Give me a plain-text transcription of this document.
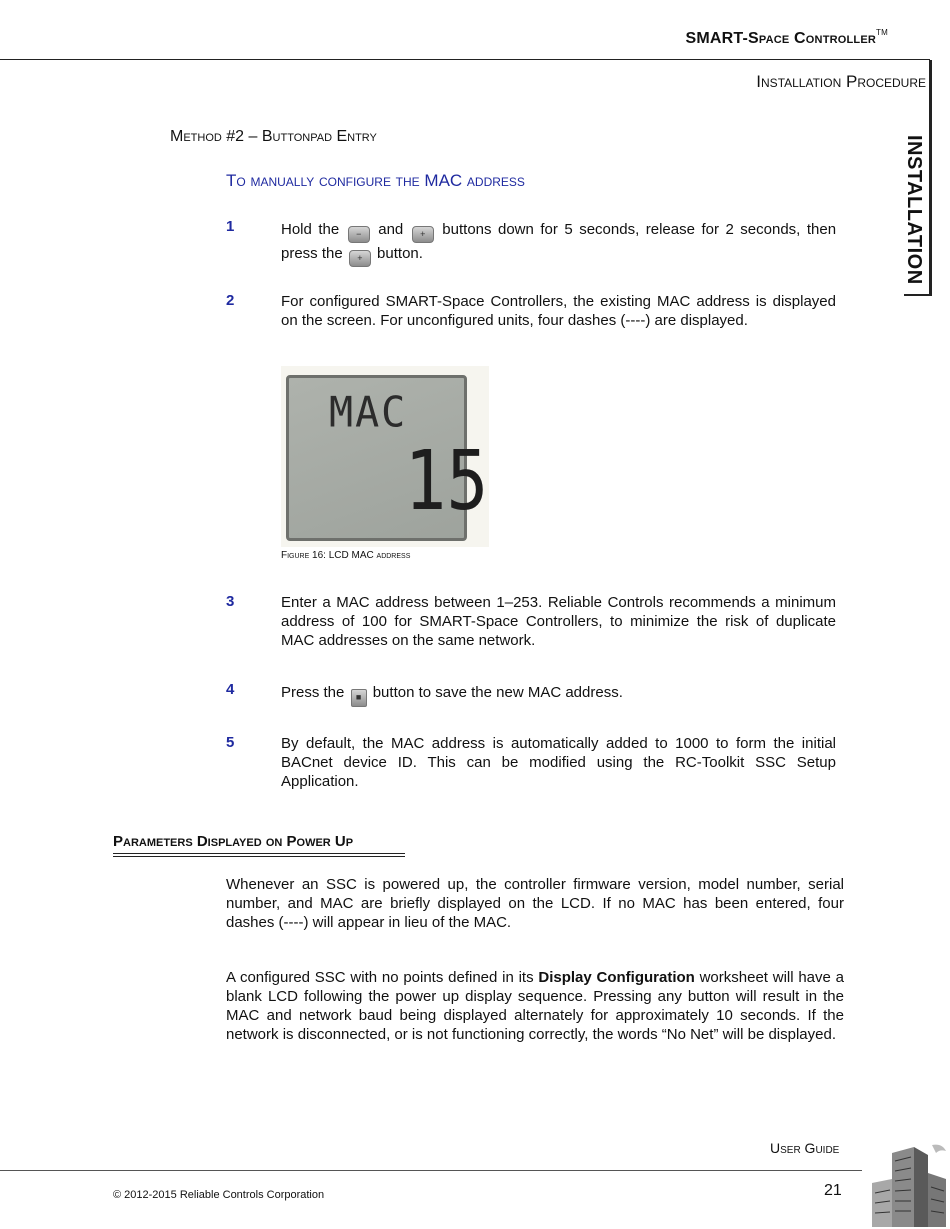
SMART-Space Controller™
Installation Procedure
INSTALLATION
Method #2 – Buttonpad Entry
To manually configure the MAC address
1	Hold the − and + buttons down for 5 seconds, release for 2 seconds, then press the + button.
2	For configured SMART-Space Controllers, the existing MAC address is displayed on the screen. For unconfigured units, four dashes (----) are displayed.
MAC
15
Figure 16: LCD MAC address
3	Enter a MAC address between 1–253. Reliable Controls recommends a minimum address of 100 for SMART-Space Controllers, to minimize the risk of duplicate MAC addresses on the same network.
4	Press the ■ button to save the new MAC address.
5	By default, the MAC address is automatically added to 1000 to form the initial BACnet device ID. This can be modified using the RC-Toolkit SSC Setup Application.
Parameters Displayed on Power Up
Whenever an SSC is powered up, the controller firmware version, model number, serial number, and MAC are briefly displayed on the LCD. If no MAC has been entered, four dashes (----) will appear in lieu of the MAC.
A configured SSC with no points defined in its Display Configuration worksheet will have a blank LCD following the power up display sequence. Pressing any button will result in the MAC and network baud being displayed alternately for approximately 10 seconds. If the network is disconnected, or is not functioning correctly, the words “No Net” will be displayed.
User Guide
© 2012-2015 Reliable Controls Corporation	21
